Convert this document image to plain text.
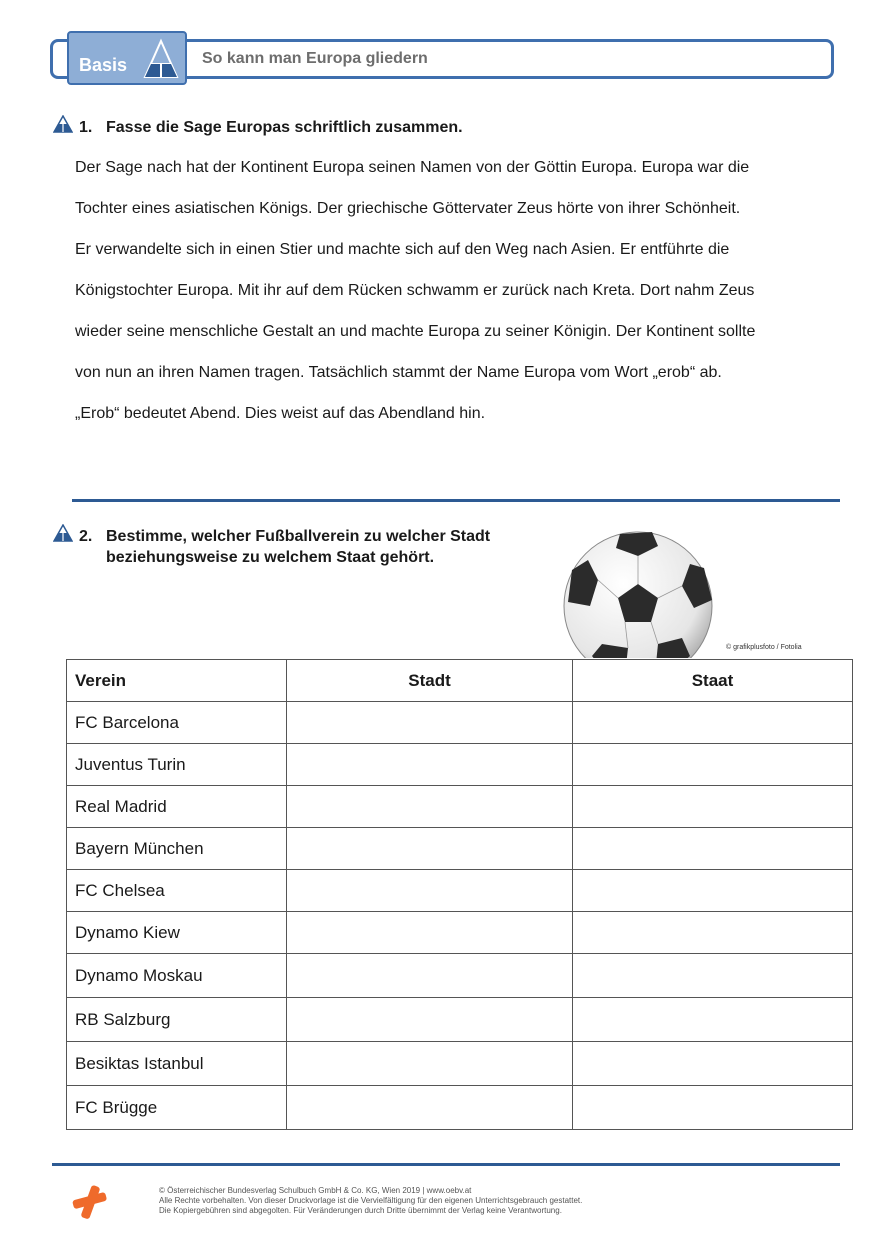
Basis	So kann man Europa gliedern
1. Fasse die Sage Europas schriftlich zusammen.
Der Sage nach hat der Kontinent Europa seinen Namen von der Göttin Europa. Europa war die
Tochter eines asiatischen Königs. Der griechische Göttervater Zeus hörte von ihrer Schönheit.
Er verwandelte sich in einen Stier und machte sich auf den Weg nach Asien. Er entführte die
Königstochter Europa. Mit ihr auf dem Rücken schwamm er zurück nach Kreta. Dort nahm Zeus
wieder seine menschliche Gestalt an und machte Europa zu seiner Königin. Der Kontinent sollte
von nun an ihren Namen tragen. Tatsächlich stammt der Name Europa vom Wort „erob“ ab.
„Erob“ bedeutet Abend. Dies weist auf das Abendland hin.
2. Bestimme, welcher Fußballverein zu welcher Stadt
beziehungsweise zu welchem Staat gehört.
© grafikplusfoto / Fotolia
Verein	Stadt	Staat
FC Barcelona		
Juventus Turin		
Real Madrid		
Bayern München		
FC Chelsea		
Dynamo Kiew		
Dynamo Moskau		
RB Salzburg		
Besiktas Istanbul		
FC Brügge		
© Österreichischer Bundesverlag Schulbuch GmbH & Co. KG, Wien 2019 | www.oebv.at
Alle Rechte vorbehalten. Von dieser Druckvorlage ist die Vervielfältigung für den eigenen Unterrichtsgebrauch gestattet.
Die Kopiergebühren sind abgegolten. Für Veränderungen durch Dritte übernimmt der Verlag keine Verantwortung.
